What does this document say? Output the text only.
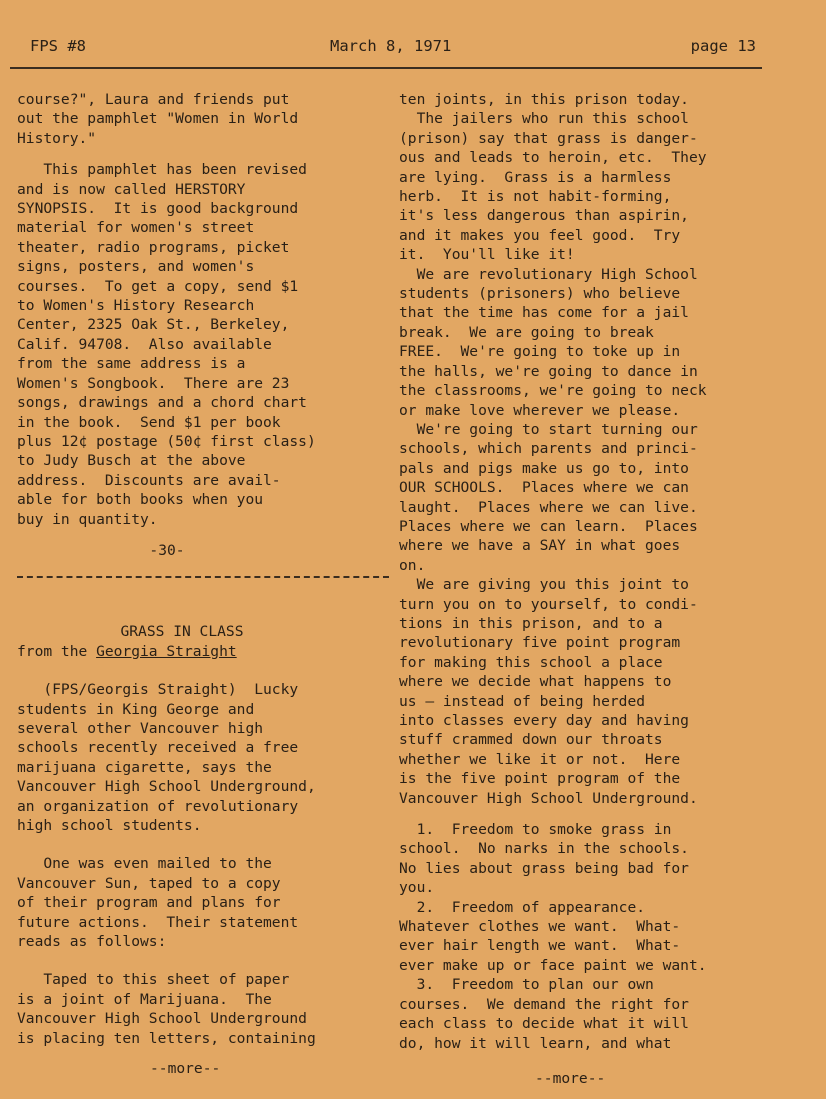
FPS #8	March 8, 1971	page 13

course?", Laura and friends put
out the pamphlet "Women in World
History."

This pamphlet has been revised
and is now called HERSTORY
SYNOPSIS.  It is good background
material for women's street
theater, radio programs, picket
signs, posters, and women's
courses.  To get a copy, send $1
to Women's History Research
Center, 2325 Oak St., Berkeley,
Calif. 94708.  Also available
from the same address is a
Women's Songbook.  There are 23
songs, drawings and a chord chart
in the book.  Send $1 per book
plus 12¢ postage (50¢ first class)
to Judy Busch at the above
address.  Discounts are avail-
able for both books when you
buy in quantity.

-30-
GRASS IN CLASS
from the Georgia Straight

(FPS/Georgis Straight)  Lucky
students in King George and
several other Vancouver high
schools recently received a free
marijuana cigarette, says the
Vancouver High School Underground,
an organization of revolutionary
high school students.

One was even mailed to the
Vancouver Sun, taped to a copy
of their program and plans for
future actions.  Their statement
reads as follows:

Taped to this sheet of paper
is a joint of Marijuana.  The
Vancouver High School Underground
is placing ten letters, containing

ten joints, in this prison today.
The jailers who run this school
(prison) say that grass is danger-
ous and leads to heroin, etc.  They
are lying.  Grass is a harmless
herb.  It is not habit-forming,
it's less dangerous than aspirin,
and it makes you feel good.  Try
it.  You'll like it!
We are revolutionary High School
students (prisoners) who believe
that the time has come for a jail
break.  We are going to break
FREE.  We're going to toke up in
the halls, we're going to dance in
the classrooms, we're going to neck
or make love wherever we please.
We're going to start turning our
schools, which parents and princi-
pals and pigs make us go to, into
OUR SCHOOLS.  Places where we can
laught.  Places where we can live.
Places where we can learn.  Places
where we have a SAY in what goes
on.
We are giving you this joint to
turn you on to yourself, to condi-
tions in this prison, and to a
revolutionary five point program
for making this school a place
where we decide what happens to
us — instead of being herded
into classes every day and having
stuff crammed down our throats
whether we like it or not.  Here
is the five point program of the
Vancouver High School Underground.

1.  Freedom to smoke grass in
school.  No narks in the schools.
No lies about grass being bad for
you.
2.  Freedom of appearance.
Whatever clothes we want.  What-
ever hair length we want.  What-
ever make up or face paint we want.
3.  Freedom to plan our own
courses.  We demand the right for
each class to decide what it will
do, how it will learn, and what

--more--
--more--
